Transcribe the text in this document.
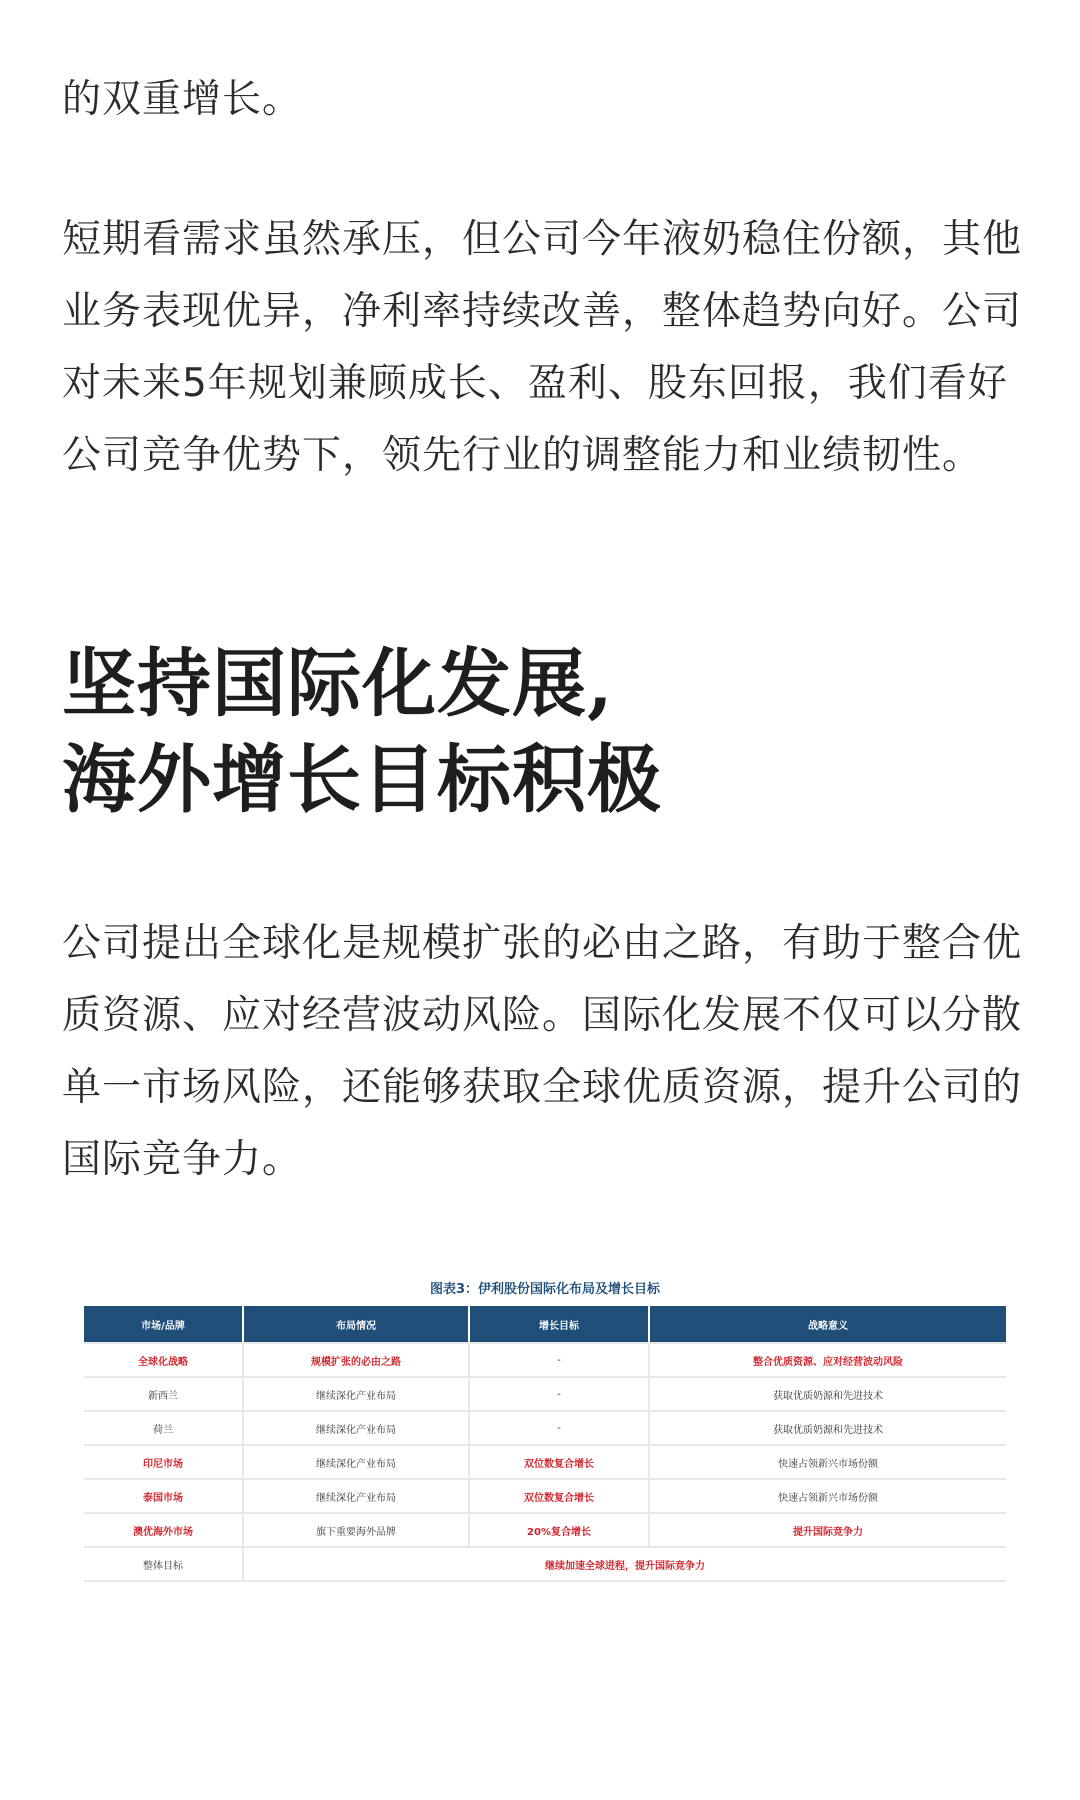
的双重增长。

短期看需求虽然承压，但公司今年液奶稳住份额，其他业务表现优异，净利率持续改善，整体趋势向好。公司对未来5年规划兼顾成长、盈利、股东回报，我们看好公司竞争优势下，领先行业的调整能力和业绩韧性。

坚持国际化发展,
海外增长目标积极

公司提出全球化是规模扩张的必由之路，有助于整合优质资源、应对经营波动风险。国际化发展不仅可以分散单一市场风险，还能够获取全球优质资源，提升公司的国际竞争力。

图表3：伊利股份国际化布局及增长目标
市场/品牌	布局情况	增长目标	战略意义
全球化战略	规模扩张的必由之路	-	整合优质资源、应对经营波动风险
新西兰	继续深化产业布局	-	获取优质奶源和先进技术
荷兰	继续深化产业布局	-	获取优质奶源和先进技术
印尼市场	继续深化产业布局	双位数复合增长	快速占领新兴市场份额
泰国市场	继续深化产业布局	双位数复合增长	快速占领新兴市场份额
澳优海外市场	旗下重要海外品牌	20%复合增长	提升国际竞争力
整体目标	继续加速全球进程，提升国际竞争力		
